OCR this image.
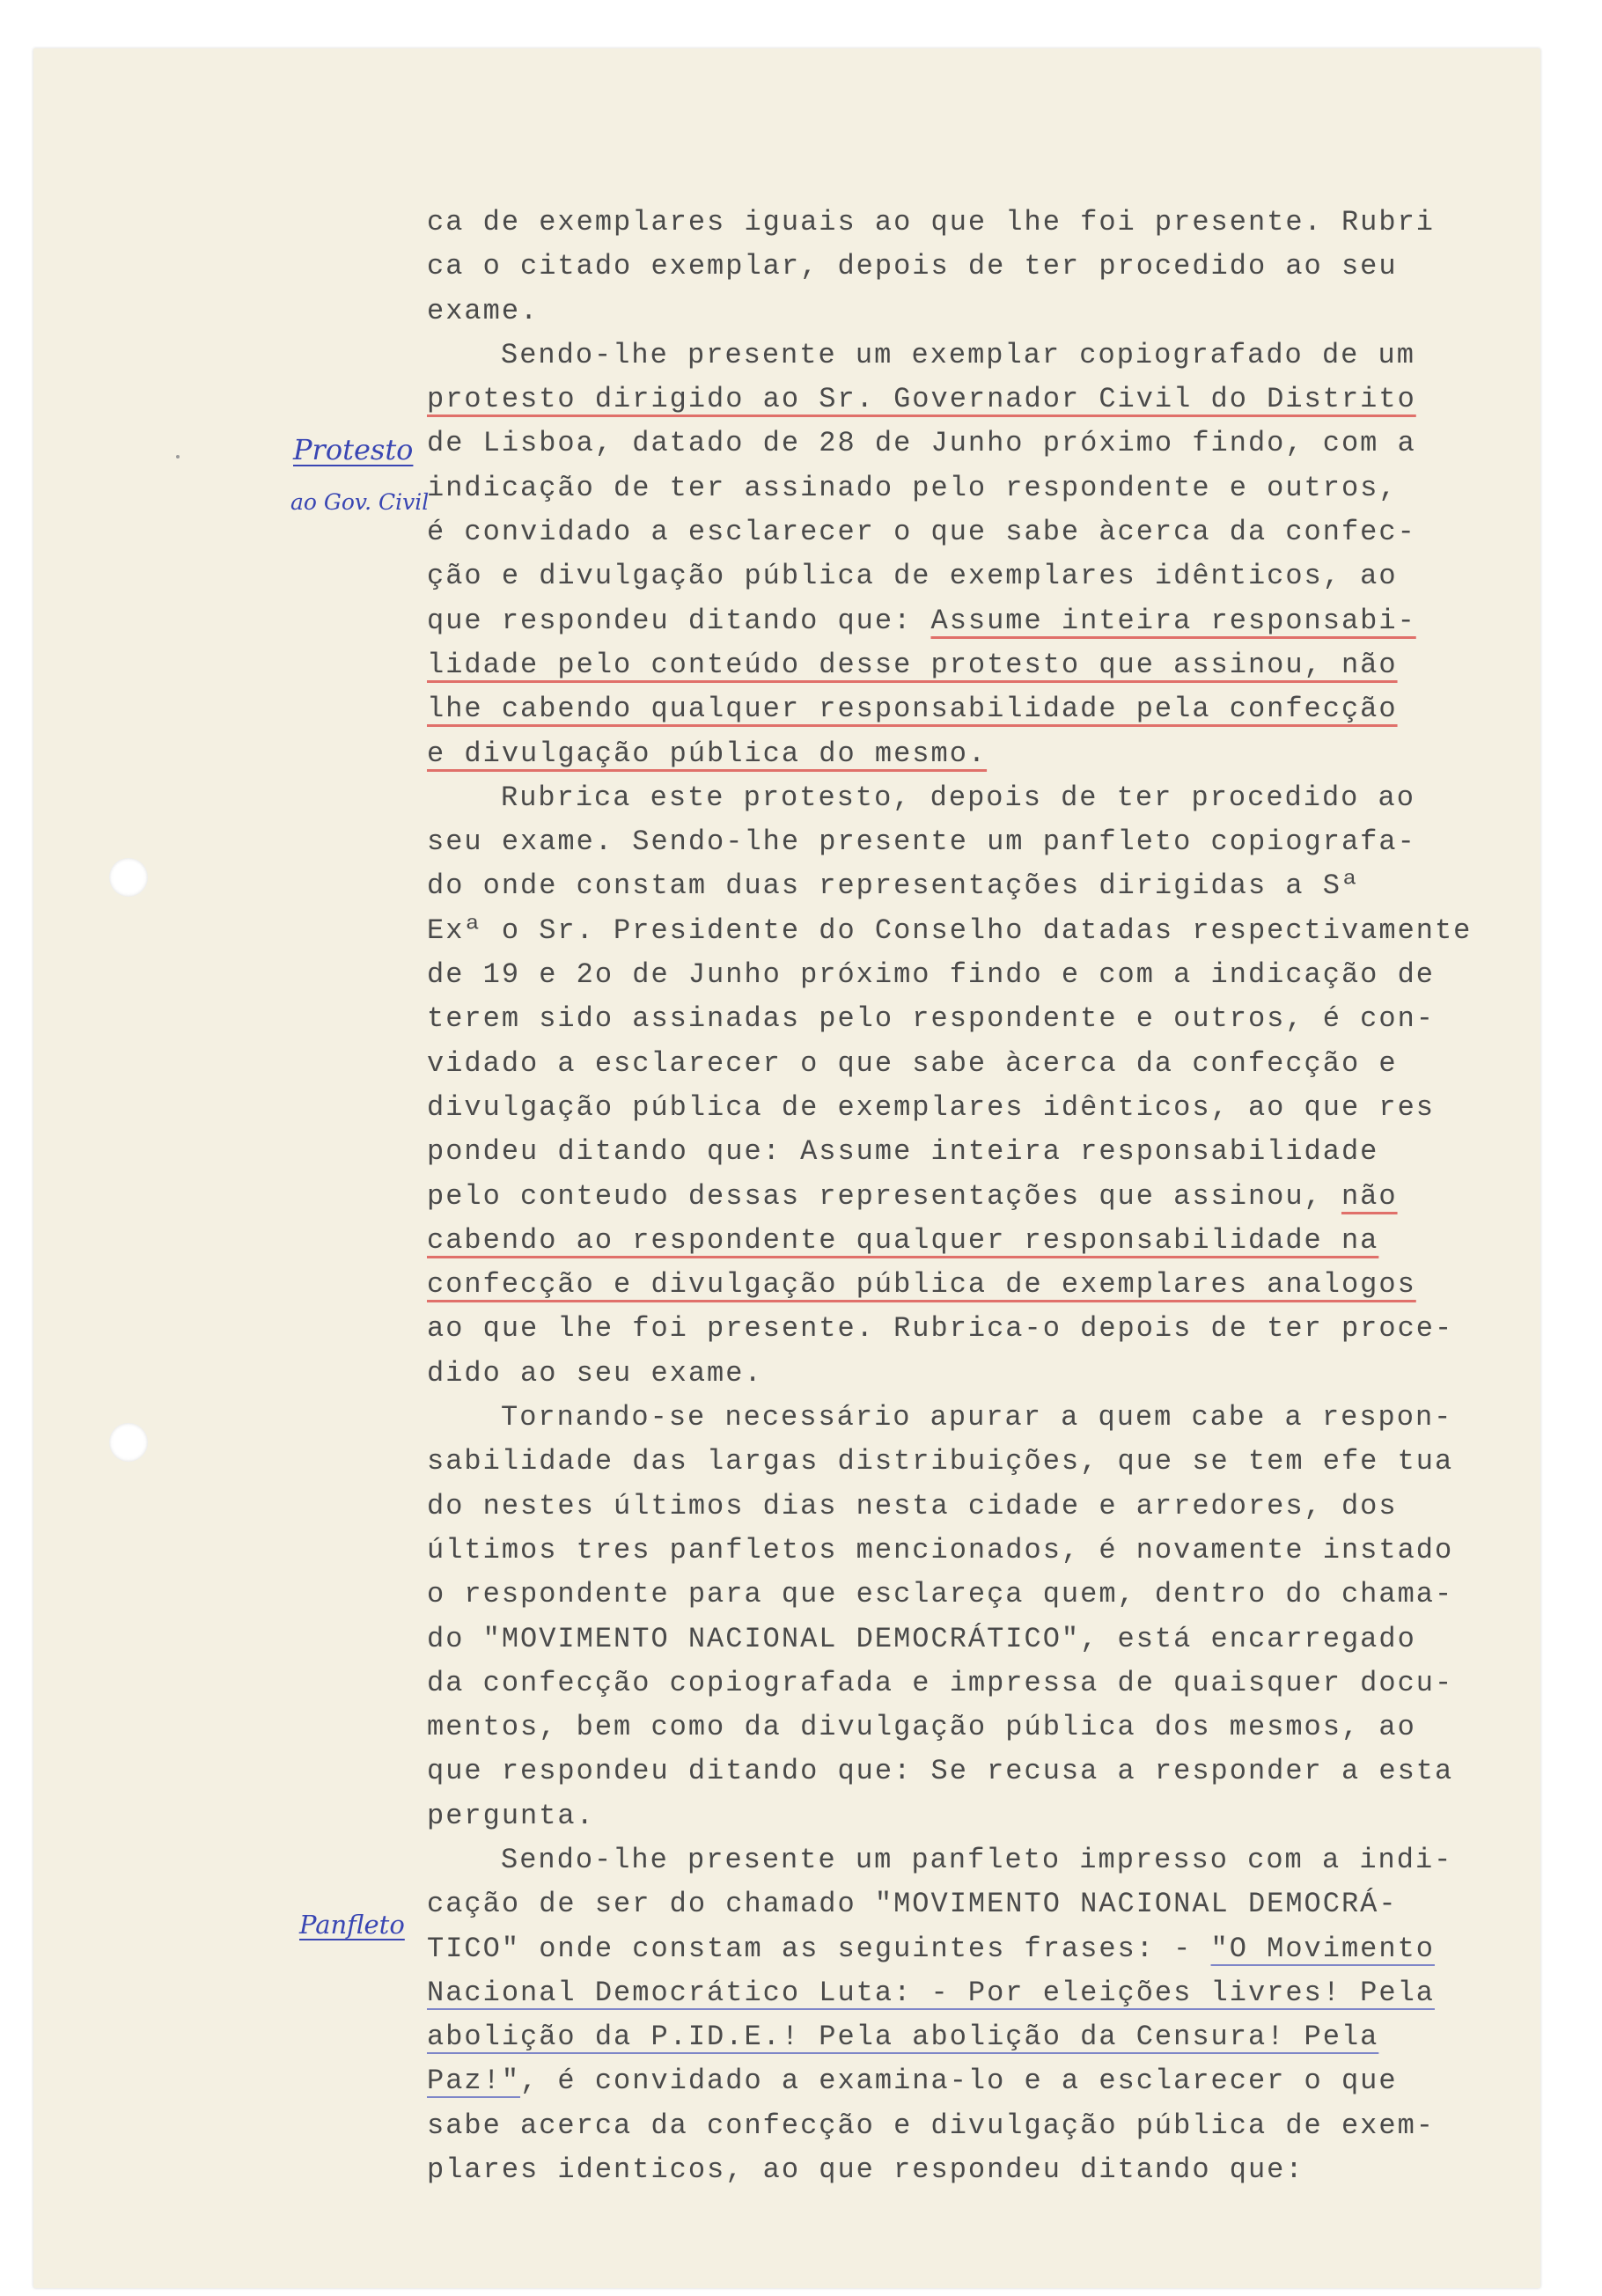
Protesto
ao Gov. Civil
Panfleto
ca de exemplares iguais ao que lhe foi presente. Rubri
ca o citado exemplar, depois de ter procedido ao seu
exame.
Sendo-lhe presente um exemplar copiografado de um
protesto dirigido ao Sr. Governador Civil do Distrito
de Lisboa, datado de 28 de Junho próximo findo, com a
indicação de ter assinado pelo respondente e outros,
é convidado a esclarecer o que sabe àcerca da confec-
ção e divulgação pública de exemplares idênticos, ao
que respondeu ditando que: Assume inteira responsabi-
lidade pelo conteúdo desse protesto que assinou, não
lhe cabendo qualquer responsabilidade pela confecção
e divulgação pública do mesmo.
Rubrica este protesto, depois de ter procedido ao
seu exame. Sendo-lhe presente um panfleto copiografa-
do onde constam duas representações dirigidas a Sª
Exª o Sr. Presidente do Conselho datadas respectivamente
de 19 e 2o de Junho próximo findo e com a indicação de
terem sido assinadas pelo respondente e outros, é con-
vidado a esclarecer o que sabe àcerca da confecção e
divulgação pública de exemplares idênticos, ao que res
pondeu ditando que: Assume inteira responsabilidade
pelo conteudo dessas representações que assinou, não
cabendo ao respondente qualquer responsabilidade na
confecção e divulgação pública de exemplares analogos
ao que lhe foi presente. Rubrica-o depois de ter proce-
dido ao seu exame.
Tornando-se necessário apurar a quem cabe a respon-
sabilidade das largas distribuições, que se tem efe tua
do nestes últimos dias nesta cidade e arredores, dos
últimos tres panfletos mencionados, é novamente instado
o respondente para que esclareça quem, dentro do chama-
do "MOVIMENTO NACIONAL DEMOCRÁTICO", está encarregado
da confecção copiografada e impressa de quaisquer docu-
mentos, bem como da divulgação pública dos mesmos, ao
que respondeu ditando que: Se recusa a responder a esta
pergunta.
Sendo-lhe presente um panfleto impresso com a indi-
cação de ser do chamado "MOVIMENTO NACIONAL DEMOCRÁ-
TICO" onde constam as seguintes frases: - "O Movimento
Nacional Democrático Luta: - Por eleições livres! Pela
abolição da P.ID.E.! Pela abolição da Censura! Pela
Paz!", é convidado a examina-lo e a esclarecer o que
sabe acerca da confecção e divulgação pública de exem-
plares identicos, ao que respondeu ditando que:
